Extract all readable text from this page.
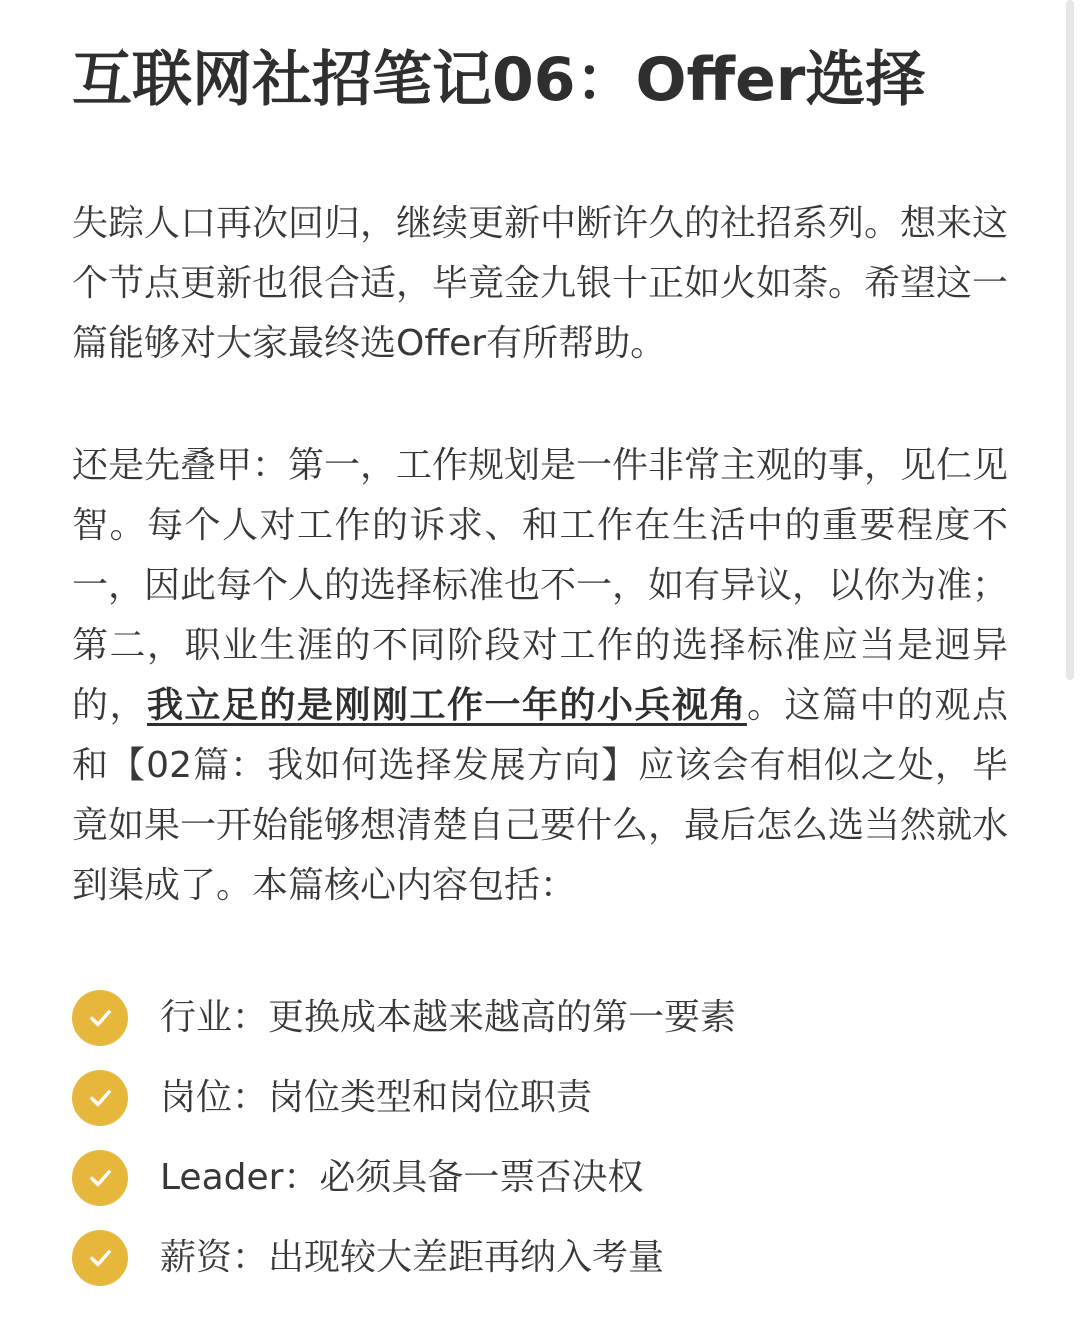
互联网社招笔记06：Offer选择

失踪人口再次回归，继续更新中断许久的社招系列。想来这个节点更新也很合适，毕竟金九银十正如火如荼。希望这一篇能够对大家最终选Offer有所帮助。

还是先叠甲：第一，工作规划是一件非常主观的事，见仁见智。每个人对工作的诉求、和工作在生活中的重要程度不一，因此每个人的选择标准也不一，如有异议，以你为准；第二，职业生涯的不同阶段对工作的选择标准应当是迥异的，我立足的是刚刚工作一年的小兵视角。这篇中的观点和【02篇：我如何选择发展方向】应该会有相似之处，毕竟如果一开始能够想清楚自己要什么，最后怎么选当然就水到渠成了。本篇核心内容包括：

行业：更换成本越来越高的第一要素
岗位：岗位类型和岗位职责
Leader：必须具备一票否决权
薪资：出现较大差距再纳入考量
